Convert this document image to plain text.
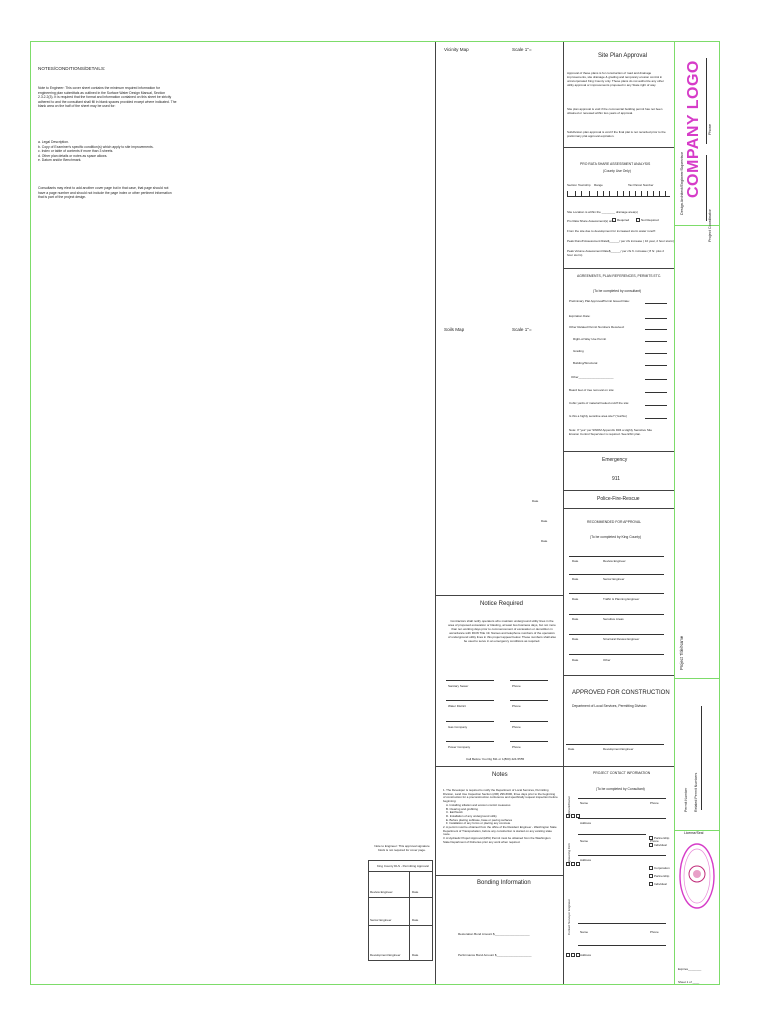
NOTES/CONDITIONS/DETAILS:
Note to Engineer: This cover sheet contains the minimum required information for engineering plan submittals as outlined in the Surface Water Design Manual, Section 2.3.2.2(3). It is required that the format and information contained on this sheet be strictly adhered to and the consultant shall fill in blank spaces provided except where indicated. The blank area on the half of the sheet may be used for:
a. Legal Description.
b. Copy of Examiner's specific condition(s) which apply to site improvements.
c. Index or table of contents if more than 3 sheets.
d. Other plan details or notes as space allows.
e. Datum and/or Benchmark.
Consultants may elect to add another cover page but in that case, that page should not have a page number and should not include the page index or other pertinent information that is part of the project design.
Vicinity Map	Scale 1"=
Soils Map	Scale 1"=
Site Plan Approval
Approval of these plans is for construction of road and drainage improvements, site drainage & grading and temporary erosion control in unincorporated King County only. These plans do not authorize any other utility approval or improvements proposed in any State right of way.
Site plan approval is void if the commercial building permit has not been obtained or renewed within two years of approval.
Subdivision plan approval is void if the final plat is not recorded prior to the preliminary plat approval expiration.
PRO RATA SHARE ASSESSMENT ANALYSIS
(County Use Only)
Section Township Range	Tax Parcel Number
Site Location is within the ________ drainage area(s)
Pro Rata Share Assessment(s) are: Required	Not Required
From the site due to development for increased storm water runoff:
Peak Runoff Assessment Rate$______/ per cfs increase ( 10 year, 2 hour storm)
Peak Volume Assessment Rate$______/ per cfs ft. increase ( 8 hr. plus 2 hour storm)
AGREEMENTS, PLAN REFERENCES, PERMITS ETC.
(To be completed by consultant)
Preliminary Plat Approval/Permit Issued Date:
Expiration Date:
Other Related Permit Numbers Received:
Right-of-Way Use Permit
Grading
Building/Structural
Other_____________________
Board feet of tree removal on site:
Cubic yards of material hauled on/off the site:
Is this a highly sensitive area site? (Yes/No)
Note: If "yes" per SWDM Appendix D#4 a Highly Sensitive Site Erosion Control Supervisor is required. See ESC plan.
Emergency
911
Police-Fire-Rescue
Date
Date
Date
RECOMMENDED FOR APPROVAL
(To be completed by King County)
Date	Review Engineer
Date	Senior Engineer
Date	Traffic & Planning Engineer
Date	Sensitive Areas
Date	Structural Review Engineer
Date	Other
APPROVED FOR CONSTRUCTION
Department of Local Services, Permitting Division
Date	Development Engineer
Notice Required
Contractors shall notify operators who maintain underground utility lines in the area of proposed excavation or blasting, at least two business days, but not more than ten working days prior to commencement of excavation or demolition in accordance with RCW Title 19. Names and telephone numbers of the operators of underground utility lines in this project appear below. These numbers shall also be used to serve in an emergency conditions as required.
Sanitary Sewer	Phone
Water District	Phone
Gas Company	Phone
Power Company	Phone
Call Before You Dig 811 or 1(800) 424-5555
Notes
1. The Developer is required to notify the Department of Local Services, Permitting Division, Land Use Inspection Section (206) 296-6600, three days prior to the beginning of construction for a preconstruction conference and specifically request inspection before beginning:
A. Installing siltation and erosion control measures
B. Clearing and grubbing
C. Earthwork
D. Installation of any underground utility
E. Before placing subbase, base or paving surfaces
F. Installation of any forms or placing any concrete
2. A permit must be obtained from the office of the Resident Engineer - Washington State Department of Transportation, before any construction is started on any existing state route.
3. A Hydraulic Project Approval (HPA) Permit must be obtained from the Washington State Department of Fisheries prior any work when required.
Bonding Information
Restoration Bond Amount $_____________________
Performance Bond Amount $_____________________
Note to Engineer: This approval signature block is not required for cover page.
King County DLS - Permitting Approval
Review Engineer	Date
Senior Engineer	Date
Development Engineer	Date
PROJECT CONTACT INFORMATION
(To be completed by Consultant)
Applicant/Owner	Name	Phone
Address
Partnership
Individual
Engineering Firm
Name	Phone
Address
Corporation
Partnership
Individual
Contact Surveyor Engineer	Name	Phone
Address
Design Architect/Engineer/Supervisor COMPANY LOGO Phone
Project Coordinator
Project Title/Name
Permit Number Related Permit Numbers
License/Seal
Expires________
Sheet 1 of ____
